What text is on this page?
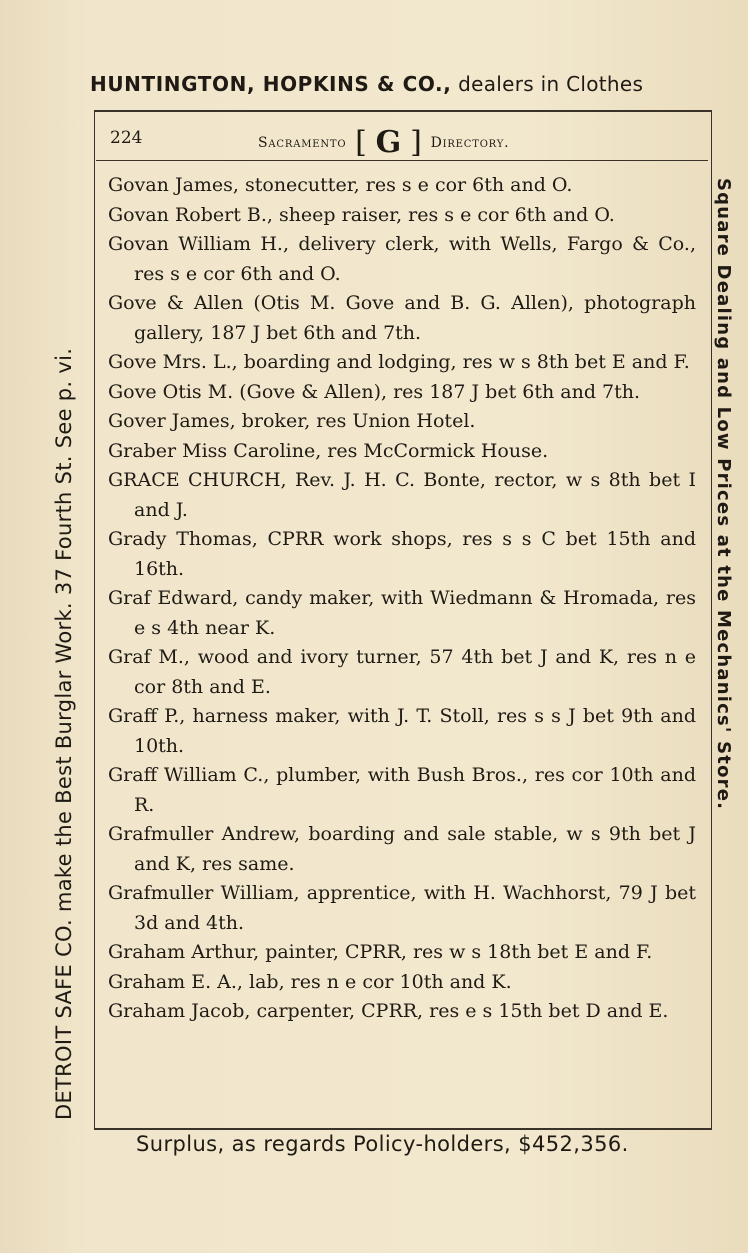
HUNTINGTON, HOPKINS & CO., dealers in Clothes
224	Sacramento [ G ] Directory.
Govan James, stonecutter, res s e cor 6th and O.
Govan Robert B., sheep raiser, res s e cor 6th and O.
Govan William H., delivery clerk, with Wells, Fargo & Co., res s e cor 6th and O.
Gove & Allen (Otis M. Gove and B. G. Allen), photograph gallery, 187 J bet 6th and 7th.
Gove Mrs. L., boarding and lodging, res w s 8th bet E and F.
Gove Otis M. (Gove & Allen), res 187 J bet 6th and 7th.
Gover James, broker, res Union Hotel.
Graber Miss Caroline, res McCormick House.
GRACE CHURCH, Rev. J. H. C. Bonte, rector, w s 8th bet I and J.
Grady Thomas, CPRR work shops, res s s C bet 15th and 16th.
Graf Edward, candy maker, with Wiedmann & Hromada, res e s 4th near K.
Graf M., wood and ivory turner, 57 4th bet J and K, res n e cor 8th and E.
Graff P., harness maker, with J. T. Stoll, res s s J bet 9th and 10th.
Graff William C., plumber, with Bush Bros., res cor 10th and R.
Grafmuller Andrew, boarding and sale stable, w s 9th bet J and K, res same.
Grafmuller William, apprentice, with H. Wachhorst, 79 J bet 3d and 4th.
Graham Arthur, painter, CPRR, res w s 18th bet E and F.
Graham E. A., lab, res n e cor 10th and K.
Graham Jacob, carpenter, CPRR, res e s 15th bet D and E.
DETROIT SAFE CO. make the Best Burglar Work. 37 Fourth St. See p. vi.	Square Dealing and Low Prices at the Mechanics' Store.
Surplus, as regards Policy-holders, $452,356.
